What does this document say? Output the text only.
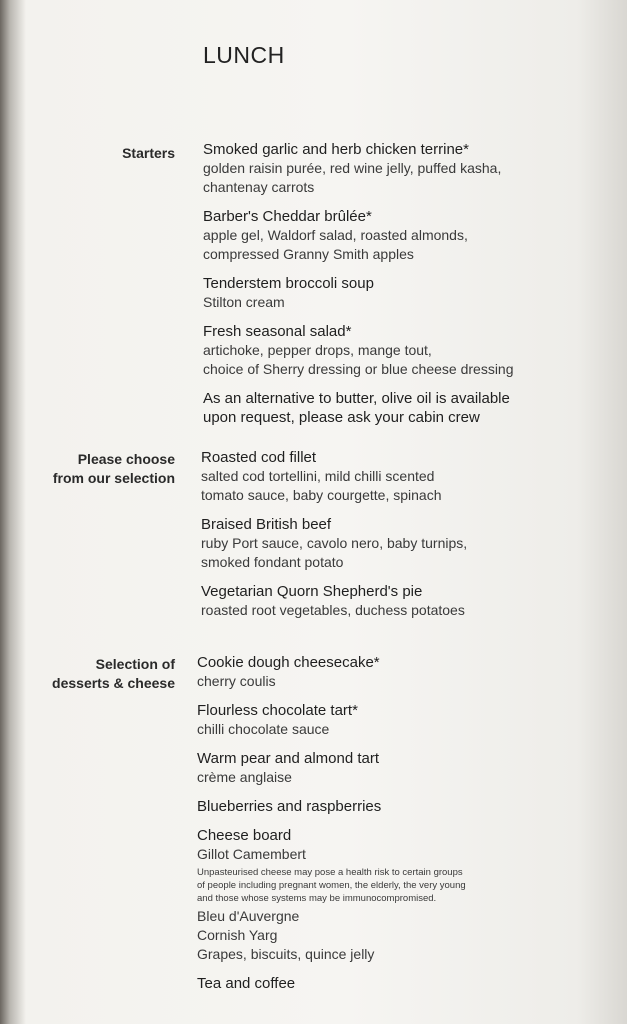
LUNCH
Starters Smoked garlic and herb chicken terrine*
golden raisin purée, red wine jelly, puffed kasha,
chantenay carrots
Barber's Cheddar brûlée*
apple gel, Waldorf salad, roasted almonds,
compressed Granny Smith apples
Tenderstem broccoli soup
Stilton cream
Fresh seasonal salad*
artichoke, pepper drops, mange tout,
choice of Sherry dressing or blue cheese dressing
As an alternative to butter, olive oil is available
upon request, please ask your cabin crew
Please choose
from our selection
Roasted cod fillet
salted cod tortellini, mild chilli scented
tomato sauce, baby courgette, spinach
Braised British beef
ruby Port sauce, cavolo nero, baby turnips,
smoked fondant potato
Vegetarian Quorn Shepherd's pie
roasted root vegetables, duchess potatoes
Selection of
desserts & cheese
Cookie dough cheesecake*
cherry coulis
Flourless chocolate tart*
chilli chocolate sauce
Warm pear and almond tart
crème anglaise
Blueberries and raspberries
Cheese board
Gillot Camembert
Unpasteurised cheese may pose a health risk to certain groups
of people including pregnant women, the elderly, the very young
and those whose systems may be immunocompromised.
Bleu d'Auvergne
Cornish Yarg
Grapes, biscuits, quince jelly
Tea and coffee
